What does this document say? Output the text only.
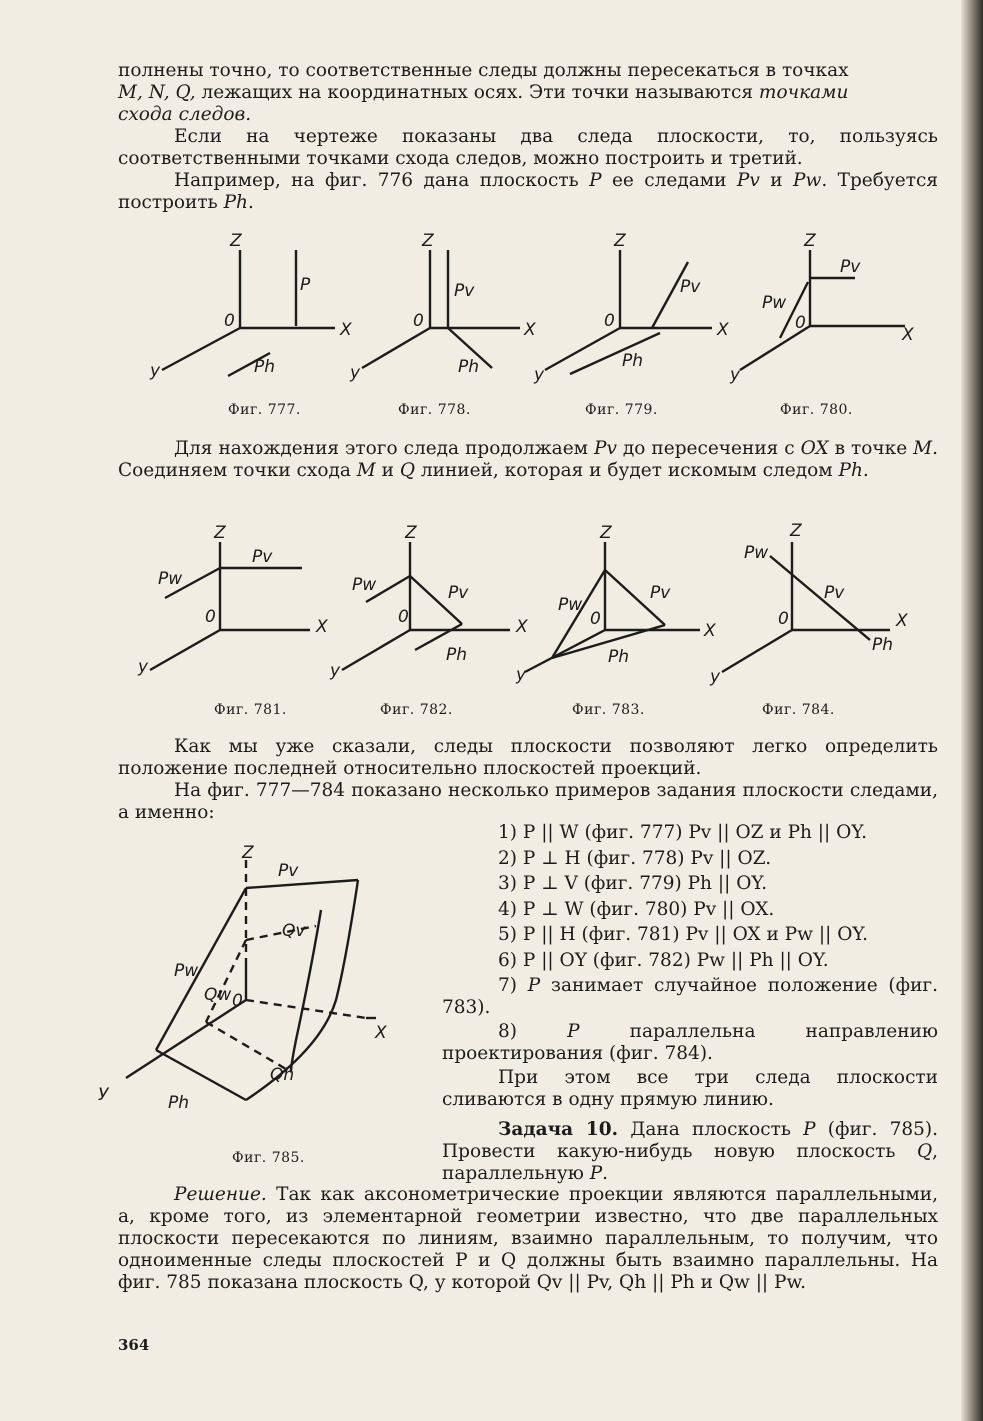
полнены точно, то соответственные следы должны пересекаться в точках

M, N, Q, лежащих на координатных осях. Эти точки называются точками

схода следов.

Если на чертеже показаны два следа плоскости, то, пользуясь соответственными точками схода следов, можно построить и третий.
Например, на фиг. 776 дана плоскость P ее следами Pv и Pw. Требуется построить Ph.
Z
X
y
0
P
Ph
Z
X
y
0
Pv
Ph
Z
X
y
0
Pv
Ph
Z
X
y
0
Pv
Pw
Фиг. 777.	Фиг. 778.	Фиг. 779.	Фиг. 780.
Для нахождения этого следа продолжаем Pv до пересечения с OX в точке M. Соединяем точки схода M и Q линией, которая и будет искомым следом Ph.
Z
X
y
0
Pv
Pw
Z
X
y
0
Pv
Pw
Ph
Z
X
y
0
Pv
Pw
Ph
Z
X
y
0
Pv
Pw
Ph
Фиг. 781.	Фиг. 782.	Фиг. 783.	Фиг. 784.
Как мы уже сказали, следы плоскости позволяют легко определить положение последней относительно плоскостей проекций.
На фиг. 777—784 показано несколько примеров задания плоскости следами, а именно:
1) P || W (фиг. 777) Pv || OZ и Ph || OY.
2) P ⊥ H (фиг. 778) Pv || OZ.
3) P ⊥ V (фиг. 779) Ph || OY.
4) P ⊥ W (фиг. 780) Pv || OX.
5) P || H (фиг. 781) Pv || OX и Pw || OY.
6) P || OY (фиг. 782) Pw || Ph || OY.
7) P занимает случайное положение (фиг. 783).
8) P параллельна направлению проектирования (фиг. 784).
При этом все три следа плоскости сливаются в одну прямую линию.
Задача 10. Дана плоскость P (фиг. 785). Провести какую-нибудь новую плоскость Q, параллельную P.
Z
X
У
0
Pv
Pw
Ph
Qv
Qh
Qw
Фиг. 785.
Решение. Так как аксонометрические проекции являются параллельными, а, кроме того, из элементарной геометрии известно, что две параллельных плоскости пересекаются по линиям, взаимно параллельным, то получим, что одноименные следы плоскостей P и Q должны быть взаимно параллельны. На фиг. 785 показана плоскость Q, у которой Qv || Pv, Qh || Ph и Qw || Pw.
364
